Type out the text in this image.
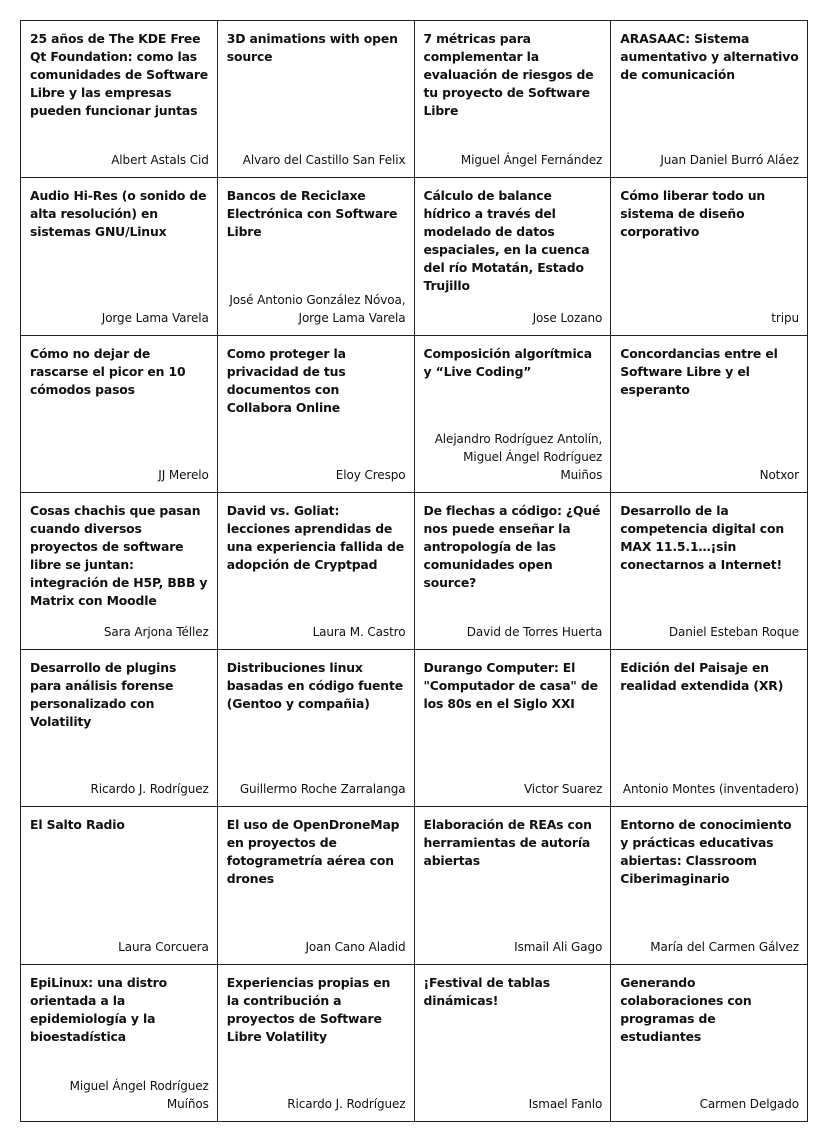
25 años de The KDE Free Qt Foundation: como las comunidades de Software Libre y las empresas pueden funcionar juntas
Albert Astals Cid
3D animations with open source
Alvaro del Castillo San Felix
7 métricas para complementar la evaluación de riesgos de tu proyecto de Software Libre
Miguel Ángel Fernández
ARASAAC: Sistema aumentativo y alternativo de comunicación
Juan Daniel Burró Aláez
Audio Hi-Res (o sonido de alta resolución) en sistemas GNU/Linux
Jorge Lama Varela
Bancos de Reciclaxe Electrónica con Software Libre
José Antonio González Nóvoa,
Jorge Lama Varela
Cálculo de balance hídrico a través del modelado de datos espaciales, en la cuenca del río Motatán, Estado Trujillo
Jose Lozano
Cómo liberar todo un sistema de diseño corporativo
tripu
Cómo no dejar de rascarse el picor en 10 cómodos pasos
JJ Merelo
Como proteger la privacidad de tus documentos con Collabora Online
Eloy Crespo
Composición algorítmica y “Live Coding”
Alejandro Rodríguez Antolín,
Miguel Ángel Rodríguez Muiños
Concordancias entre el Software Libre y el esperanto
Notxor
Cosas chachis que pasan cuando diversos proyectos de software libre se juntan: integración de H5P, BBB y Matrix con Moodle
Sara Arjona Téllez
David vs. Goliat: lecciones aprendidas de una experiencia fallida de adopción de Cryptpad
Laura M. Castro
De flechas a código: ¿Qué nos puede enseñar la antropología de las comunidades open source?
David de Torres Huerta
Desarrollo de la competencia digital con MAX 11.5.1…¡sin conectarnos a Internet!
Daniel Esteban Roque
Desarrollo de plugins para análisis forense personalizado con Volatility
Ricardo J. Rodríguez
Distribuciones linux basadas en código fuente (Gentoo y compañia)
Guillermo Roche Zarralanga
Durango Computer: El "Computador de casa" de los 80s en el Siglo XXI
Victor Suarez
Edición del Paisaje en realidad extendida (XR)
Antonio Montes (inventadero)
El Salto Radio
Laura Corcuera
El uso de OpenDroneMap en proyectos de fotogrametría aérea con drones
Joan Cano Aladid
Elaboración de REAs con herramientas de autoría abiertas
Ismail Ali Gago
Entorno de conocimiento y prácticas educativas abiertas: Classroom Ciberimaginario
María del Carmen Gálvez
EpiLinux: una distro orientada a la epidemiología y la bioestadística
Miguel Ángel Rodríguez Muíños
Experiencias propias en la contribución a proyectos de Software Libre Volatility
Ricardo J. Rodríguez
¡Festival de tablas dinámicas!
Ismael Fanlo
Generando colaboraciones con programas de estudiantes
Carmen Delgado
